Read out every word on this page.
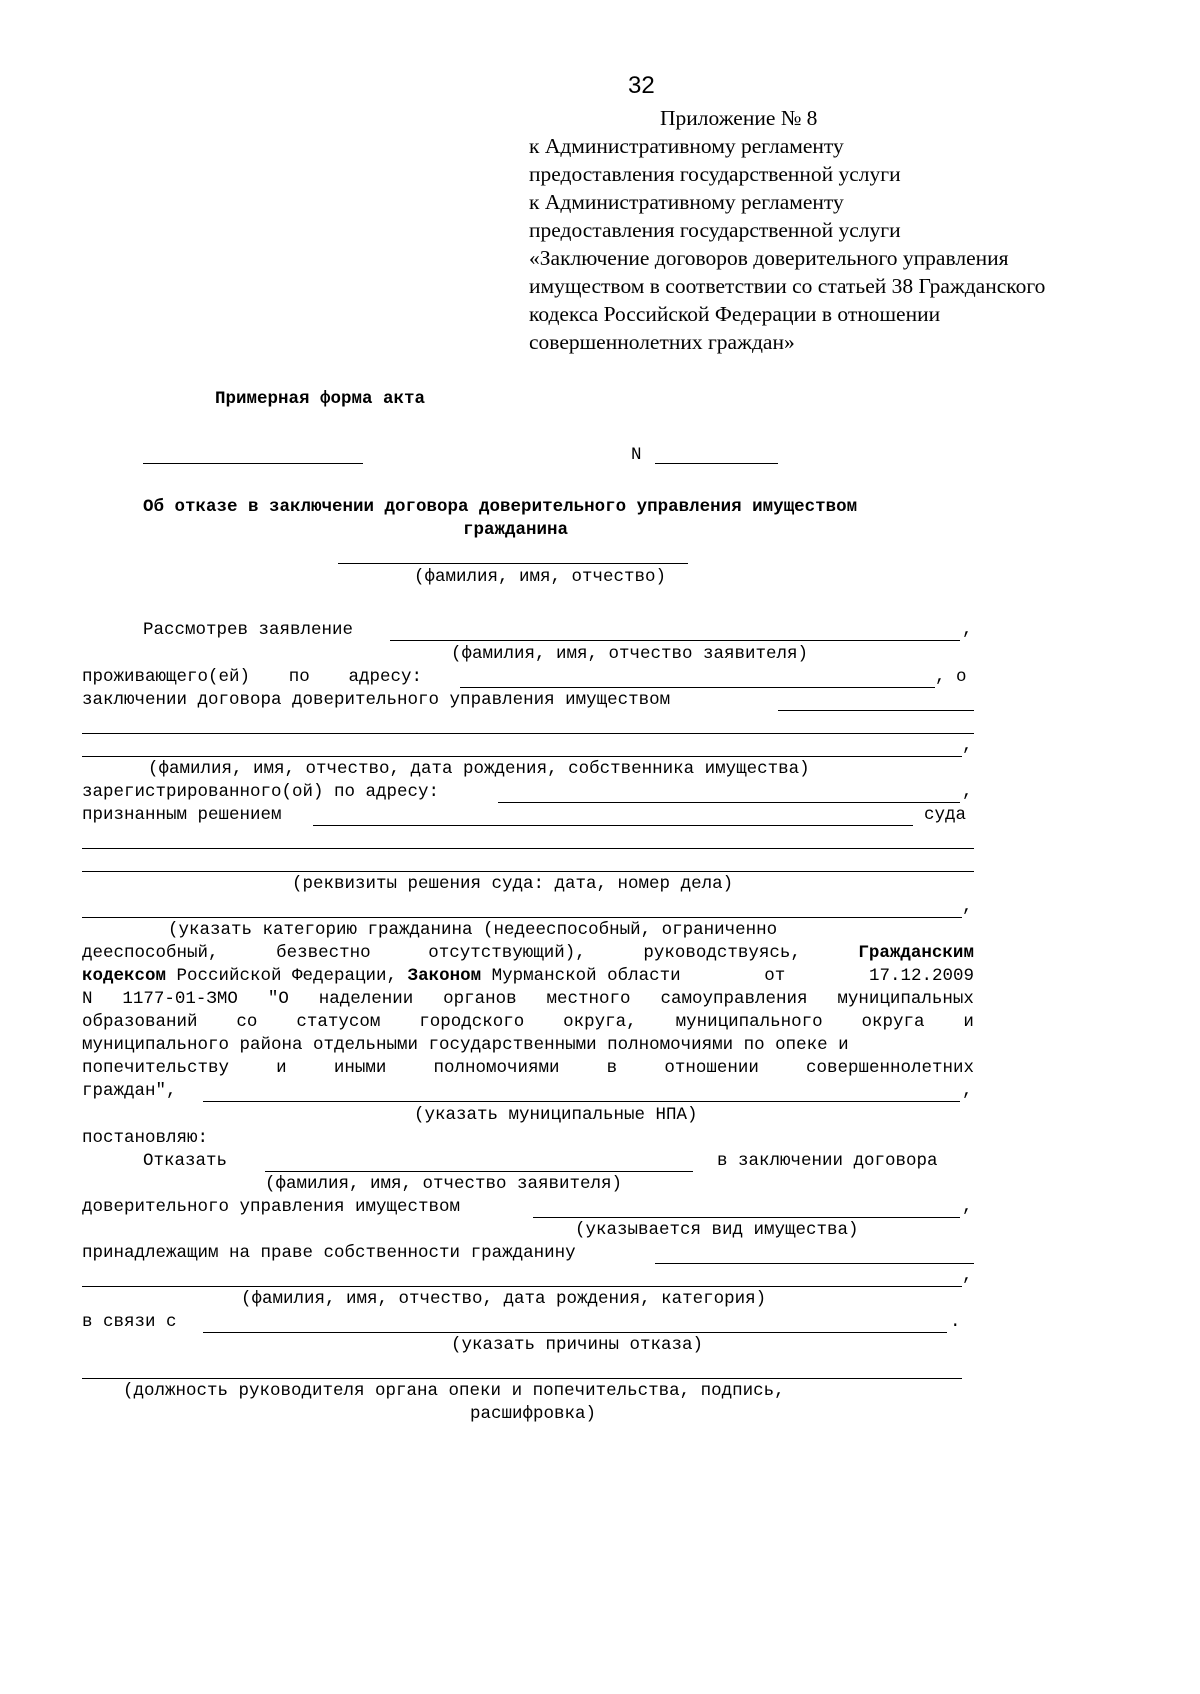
32
Приложение № 8
к Административному регламенту
предоставления государственной услуги
к Административному регламенту
предоставления государственной услуги
«Заключение договоров доверительного управления
имуществом в соответствии со статьей 38 Гражданского
кодекса Российской Федерации в отношении
совершеннолетних граждан»
Примерная форма акта
N
Об отказе в заключении договора доверительного управления имуществом
гражданина
(фамилия, имя, отчество)
Рассмотрев заявление	,
(фамилия, имя, отчество заявителя)
проживающего(ей) по адресу:	, о
заключении договора доверительного управления имуществом
,
(фамилия, имя, отчество, дата рождения, собственника имущества)
зарегистрированного(ой) по адресу:	,
признанным решением	суда
(реквизиты решения суда: дата, номер дела)
,
(указать категорию гражданина (недееспособный, ограниченно
дееспособный,	безвестно	отсутствующий),	руководствуясь,	Гражданским
кодексом Российской Федерации, Законом Мурманской области	от	17.12.2009
N 1177-01-ЗМО "О наделении органов местного самоуправления муниципальных
образований со статусом городского округа, муниципального округа и
муниципального района отдельными государственными полномочиями по опеке и
попечительству	и	иными	полномочиями	в	отношении	совершеннолетних
граждан",	,
(указать муниципальные НПА)
постановляю:
Отказать	в заключении договора
(фамилия, имя, отчество заявителя)
доверительного управления имуществом	,
(указывается вид имущества)
принадлежащим на праве собственности гражданину
,
(фамилия, имя, отчество, дата рождения, категория)
в связи с	.
(указать причины отказа)
(должность руководителя органа опеки и попечительства, подпись,
расшифровка)
